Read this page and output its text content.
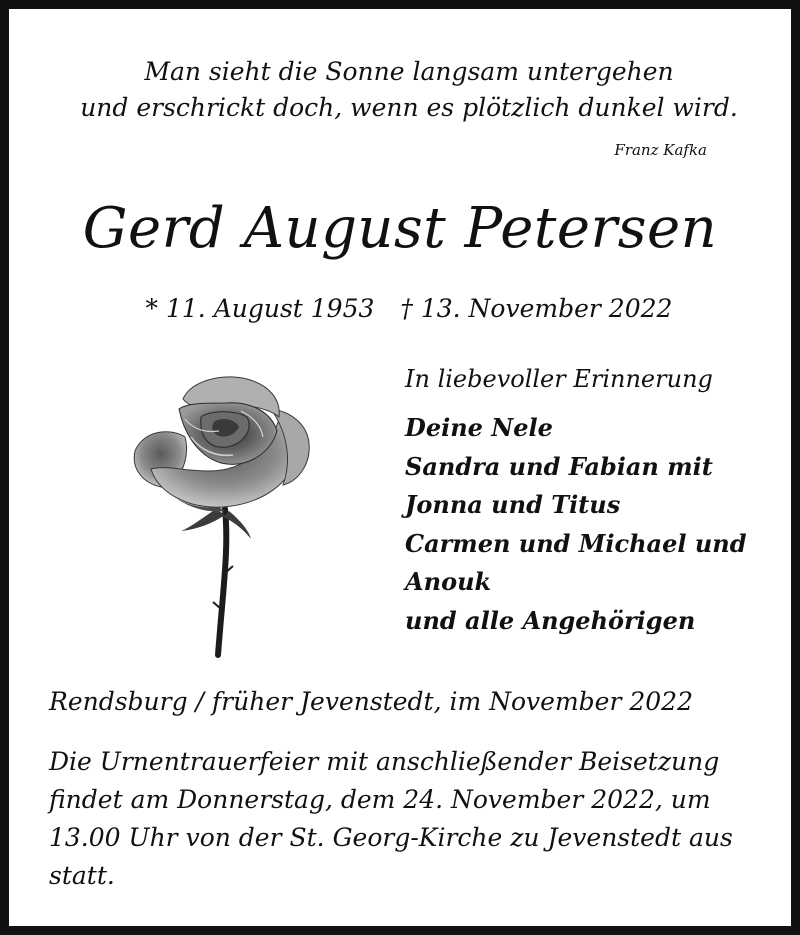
Man sieht die Sonne langsam untergehen
und erschrickt doch, wenn es plötzlich dunkel wird.
Franz Kafka
Gerd August Petersen
* 11. August 1953 † 13. November 2022
In liebevoller Erinnerung
Deine Nele
Sandra und Fabian mit
Jonna und Titus
Carmen und Michael und
Anouk
und alle Angehörigen
Rendsburg / früher Jevenstedt, im November 2022
Die Urnentrauerfeier mit anschließender Beisetzung
findet am Donnerstag, dem 24. November 2022, um
13.00 Uhr von der St. Georg-Kirche zu Jevenstedt aus
statt.
